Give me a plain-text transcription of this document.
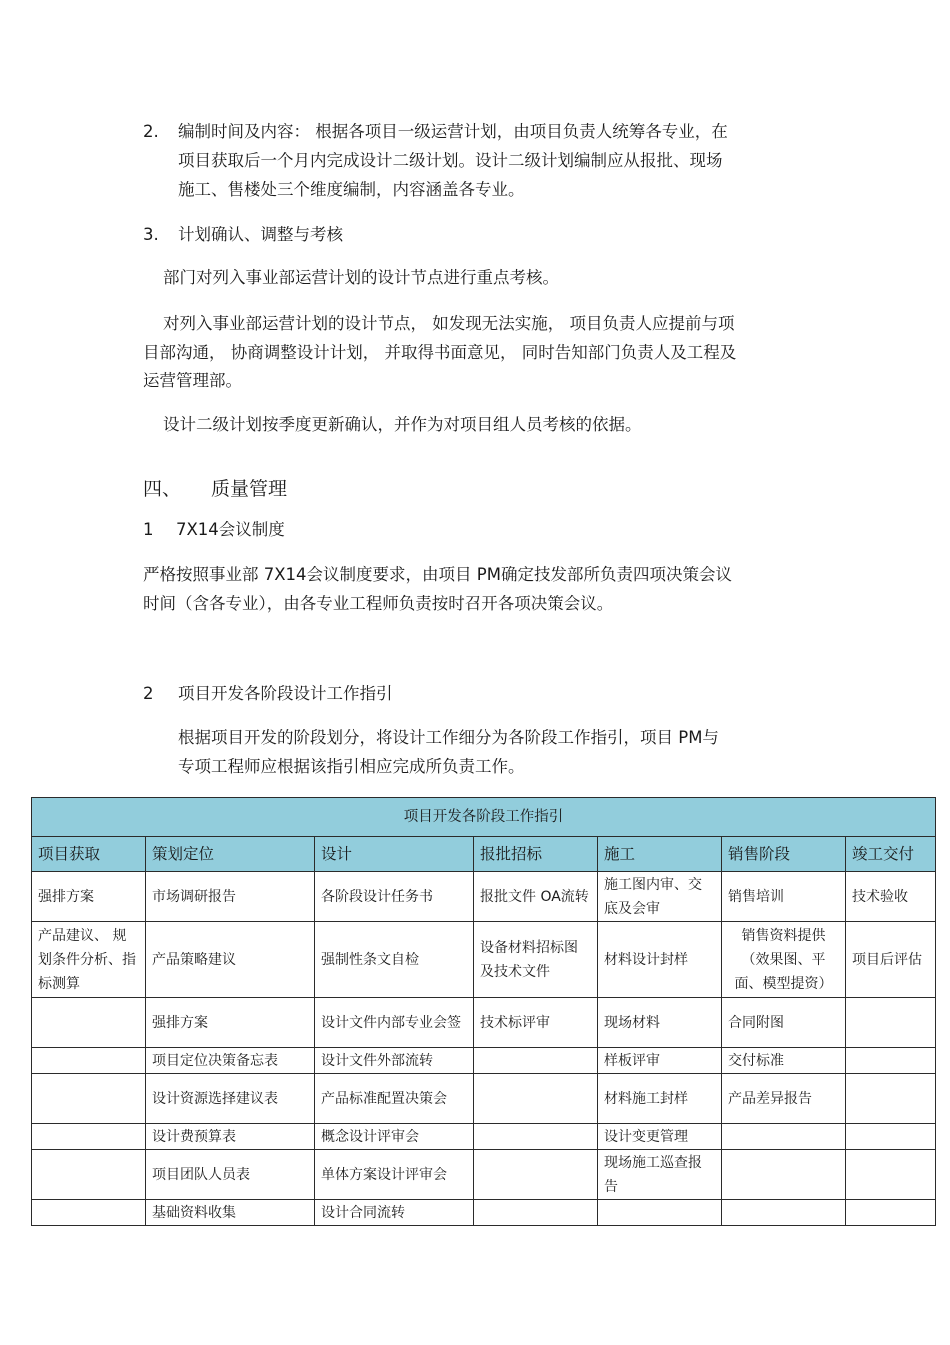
2. 编制时间及内容： 根据各项目一级运营计划，由项目负责人统筹各专业，在
项目获取后一个月内完成设计二级计划。设计二级计划编制应从报批、现场
施工、售楼处三个维度编制，内容涵盖各专业。
3. 计划确认、调整与考核
部门对列入事业部运营计划的设计节点进行重点考核。
对列入事业部运营计划的设计节点， 如发现无法实施， 项目负责人应提前与项
目部沟通， 协商调整设计计划， 并取得书面意见， 同时告知部门负责人及工程及
运营管理部。
设计二级计划按季度更新确认，并作为对项目组人员考核的依据。
四、 质量管理
1 7X14会议制度
严格按照事业部 7X14会议制度要求，由项目 PM确定技发部所负责四项决策会议
时间（含各专业），由各专业工程师负责按时召开各项决策会议。
2 项目开发各阶段设计工作指引
根据项目开发的阶段划分，将设计工作细分为各阶段工作指引，项目 PM与
专项工程师应根据该指引相应完成所负责工作。
项目开发各阶段工作指引						
项目获取	策划定位	设计	报批招标	施工	销售阶段	竣工交付
强排方案	市场调研报告	各阶段设计任务书	报批文件 OA流转	施工图内审、交底及会审	销售培训	技术验收
产品建议、 规划条件分析、指标测算	产品策略建议	强制性条文自检	设备材料招标图及技术文件	材料设计封样	销售资料提供（效果图、平面、模型提资）	项目后评估
	强排方案	设计文件内部专业会签	技术标评审	现场材料	合同附图	
	项目定位决策备忘表	设计文件外部流转		样板评审	交付标准	
	设计资源选择建议表	产品标准配置决策会		材料施工封样	产品差异报告	
	设计费预算表	概念设计评审会		设计变更管理		
	项目团队人员表	单体方案设计评审会		现场施工巡查报告		
	基础资料收集	设计合同流转				
